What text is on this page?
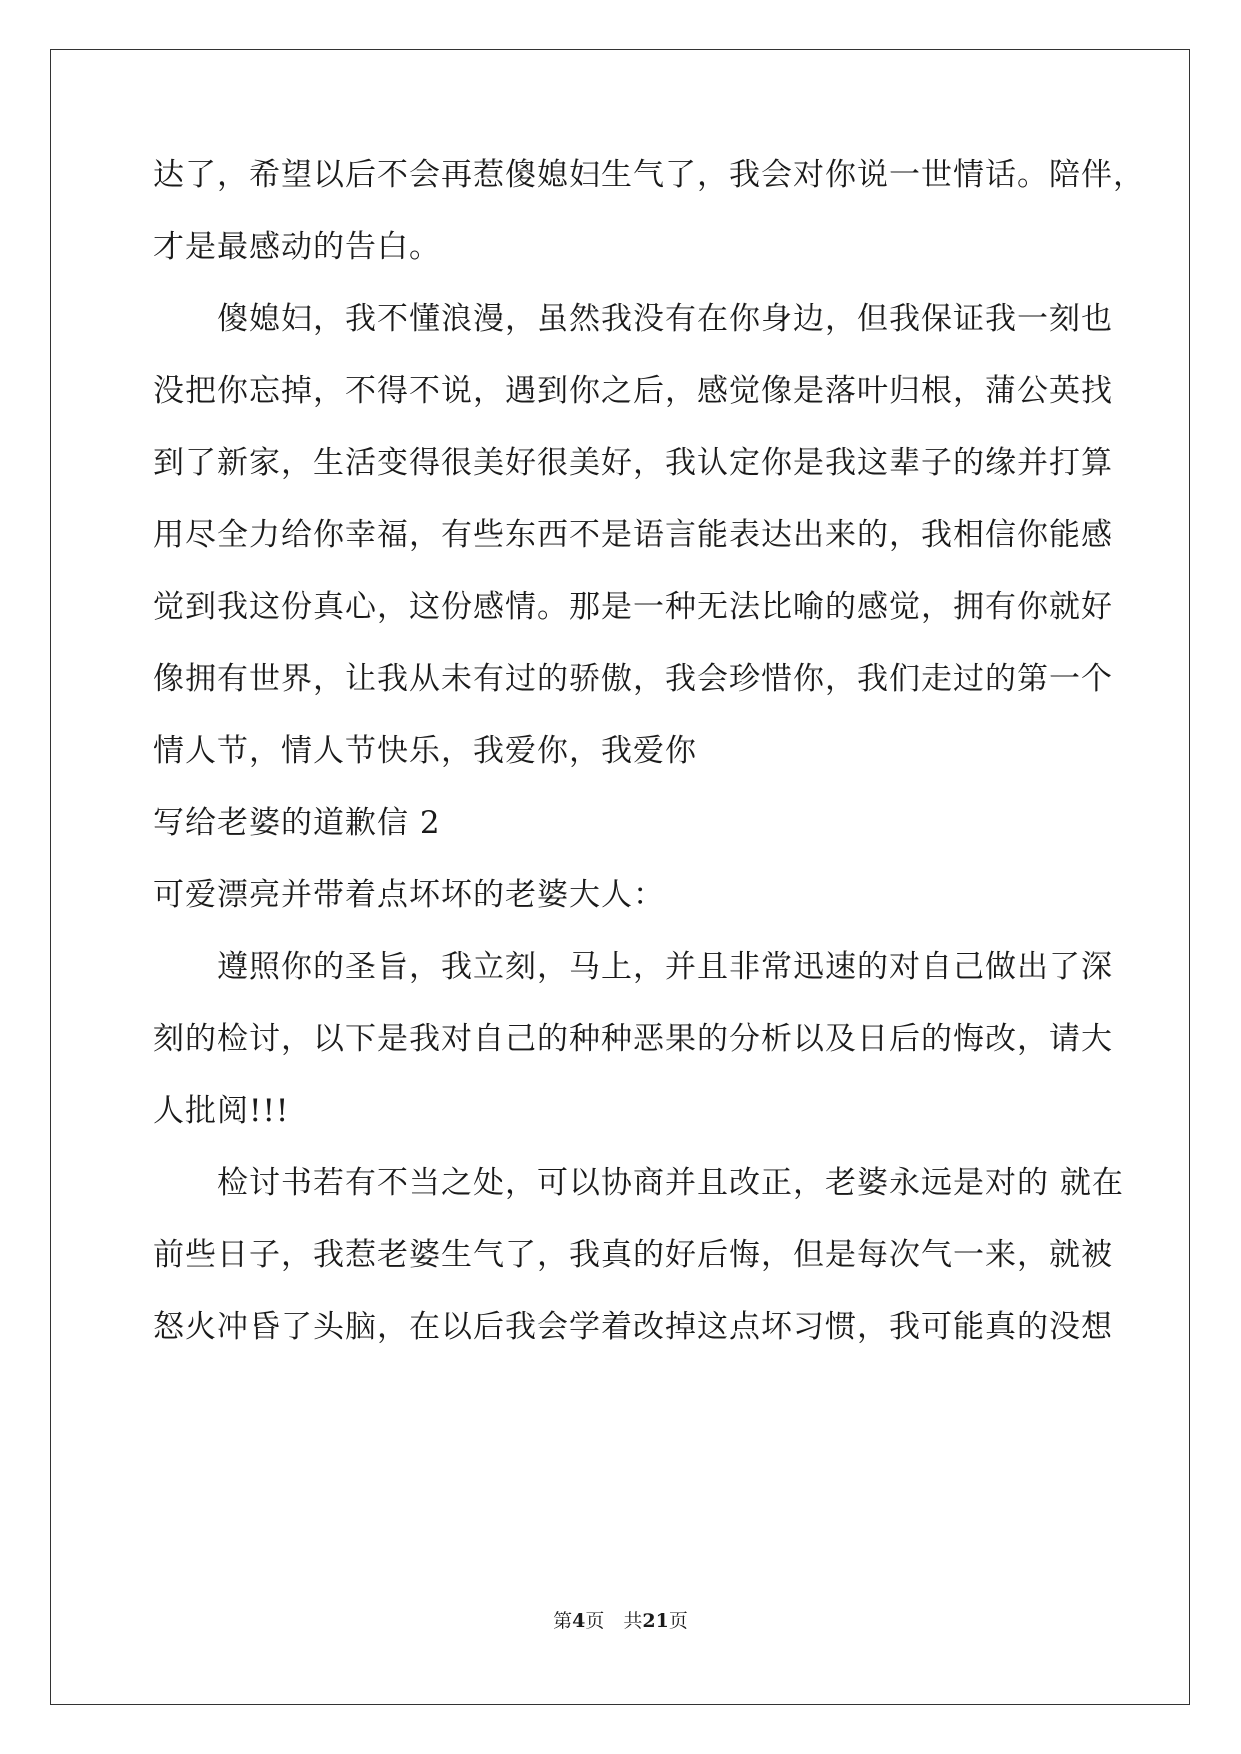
达了，希望以后不会再惹傻媳妇生气了，我会对你说一世情话。陪伴，
才是最感动的告白。
　　傻媳妇，我不懂浪漫，虽然我没有在你身边，但我保证我一刻也
没把你忘掉，不得不说，遇到你之后，感觉像是落叶归根，蒲公英找
到了新家，生活变得很美好很美好，我认定你是我这辈子的缘并打算
用尽全力给你幸福，有些东西不是语言能表达出来的，我相信你能感
觉到我这份真心，这份感情。那是一种无法比喻的感觉，拥有你就好
像拥有世界，让我从未有过的骄傲，我会珍惜你，我们走过的第一个
情人节，情人节快乐，我爱你，我爱你
写给老婆的道歉信 2
可爱漂亮并带着点坏坏的老婆大人：
　　遵照你的圣旨，我立刻，马上，并且非常迅速的对自己做出了深
刻的检讨，以下是我对自己的种种恶果的分析以及日后的悔改，请大
人批阅!!!
　　检讨书若有不当之处，可以协商并且改正，老婆永远是对的 就在
前些日子，我惹老婆生气了，我真的好后悔，但是每次气一来，就被
怒火冲昏了头脑，在以后我会学着改掉这点坏习惯，我可能真的没想
第4页　 共21页
